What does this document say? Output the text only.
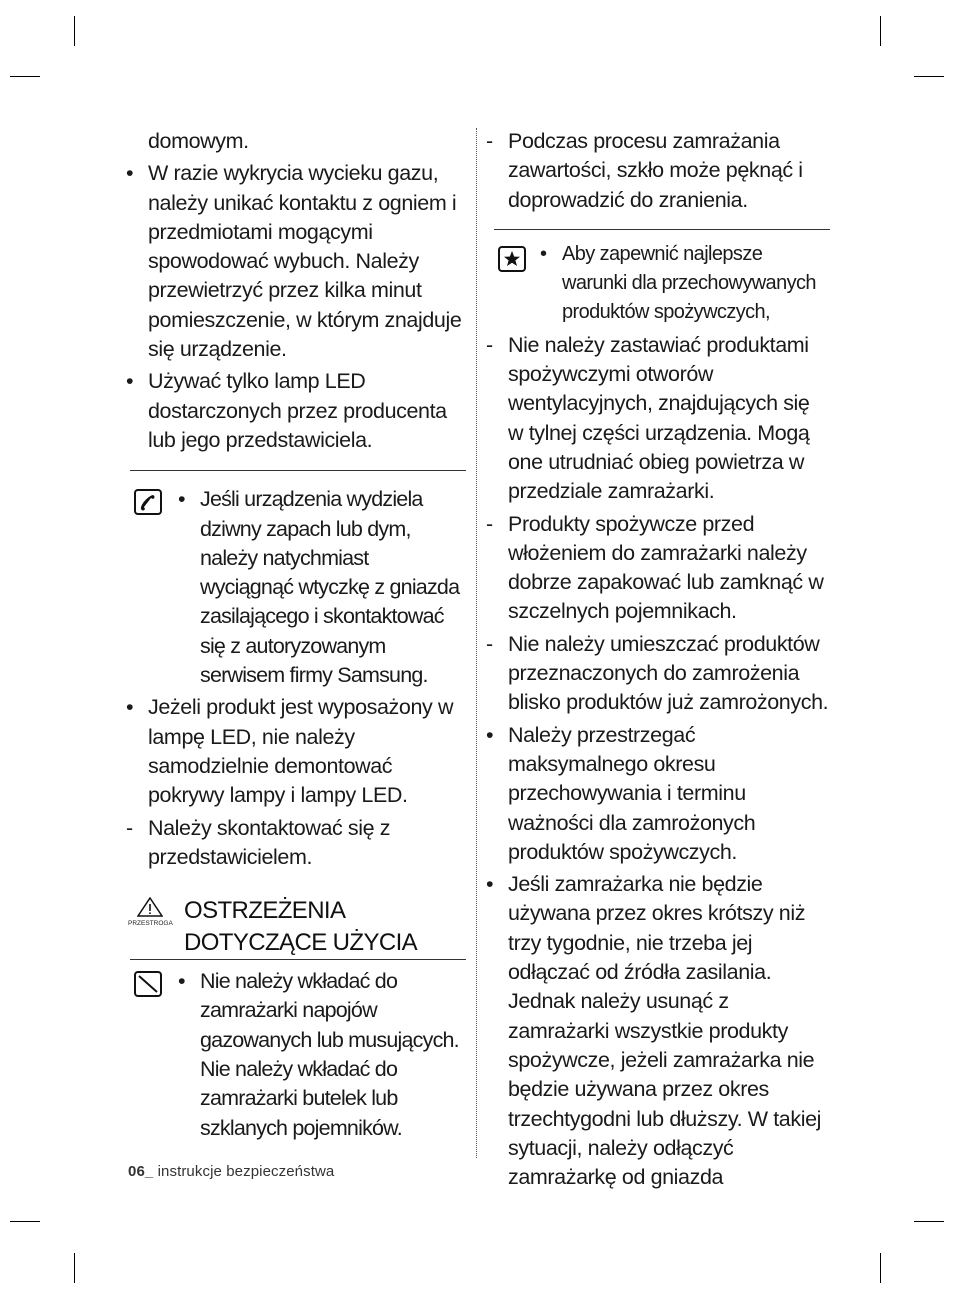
domowym.
• W razie wykrycia wycieku gazu, należy unikać kontaktu z ogniem i przedmiotami mogącymi spowodować wybuch. Należy przewietrzyć przez kilka minut pomieszczenie, w którym znajduje się urządzenie.
• Używać tylko lamp LED dostarczonych przez producenta lub jego przedstawiciela.
• Jeśli urządzenia wydziela dziwny zapach lub dym, należy natychmiast wyciągnąć wtyczkę z gniazda zasilającego i skontaktować się z autoryzowanym serwisem firmy Samsung.
• Jeżeli produkt jest wyposażony w lampę LED, nie należy samodzielnie demontować pokrywy lampy i lampy LED.
- Należy skontaktować się z przedstawicielem.
PRZESTROGA OSTRZEŻENIA DOTYCZĄCE UŻYCIA
• Nie należy wkładać do zamrażarki napojów gazowanych lub musujących. Nie należy wkładać do zamrażarki butelek lub szklanych pojemników.
- Podczas procesu zamrażania zawartości, szkło może pęknąć i doprowadzić do zranienia.
• Aby zapewnić najlepsze warunki dla przechowywanych produktów spożywczych,
- Nie należy zastawiać produktami spożywczymi otworów wentylacyjnych, znajdujących się w tylnej części urządzenia. Mogą one utrudniać obieg powietrza w przedziale zamrażarki.
- Produkty spożywcze przed włożeniem do zamrażarki należy dobrze zapakować lub zamknąć w szczelnych pojemnikach.
- Nie należy umieszczać produktów przeznaczonych do zamrożenia blisko produktów już zamrożonych.
• Należy przestrzegać maksymalnego okresu przechowywania i terminu ważności dla zamrożonych produktów spożywczych.
• Jeśli zamrażarka nie będzie używana przez okres krótszy niż trzy tygodnie, nie trzeba jej odłączać od źródła zasilania. Jednak należy usunąć z zamrażarki wszystkie produkty spożywcze, jeżeli zamrażarka nie będzie używana przez okres trzechtygodni lub dłuższy. W takiej sytuacji, należy odłączyć zamrażarkę od gniazda
06_ instrukcje bezpieczeństwa
